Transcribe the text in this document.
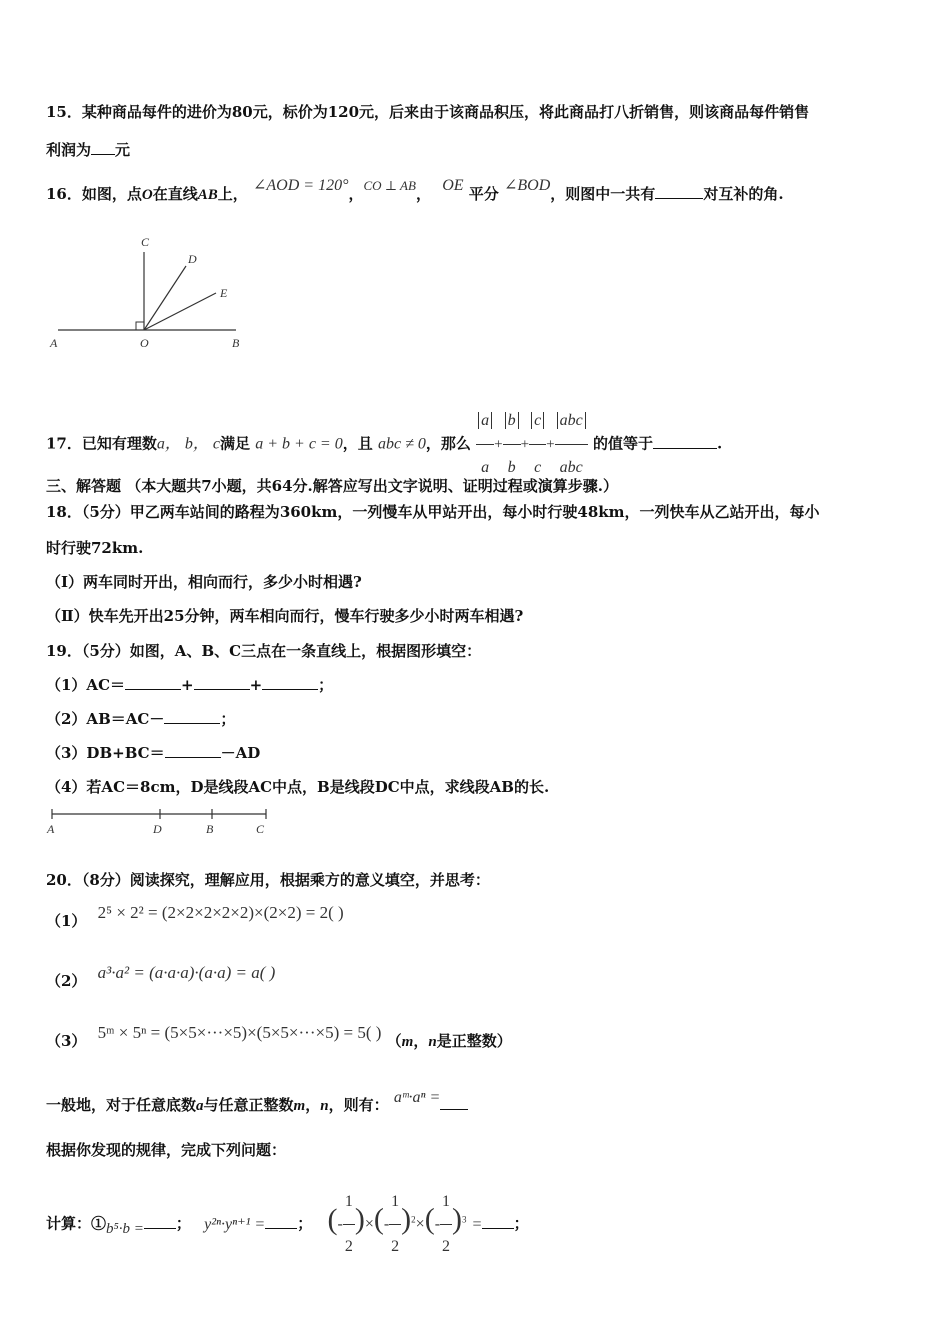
15．某种商品每件的进价为80元，标价为120元，后来由于该商品积压，将此商品打八折销售，则该商品每件销售
利润为 元
16．如图，点O在直线AB上， ∠AOD = 120°，CO ⊥ AB， OE 平分 ∠BOD，则图中一共有	对互补的角.
A	O	B
C
D
E
17．已知有理数a， b， c满足 a + b + c = 0，且 abc ≠ 0，那么 $\frac{a}{a} + \frac{b}{b} + \frac{c}{c} + \frac{\text{abc}}{\text{abc}}$ 的值等于	.
三、解答题 （本大题共7小题，共64分.解答应写出文字说明、证明过程或演算步骤.）
18．（5分）甲乙两车站间的路程为360km，一列慢车从甲站开出，每小时行驶48km，一列快车从乙站开出，每小
时行驶72km.
（Ⅰ）两车同时开出，相向而行，多少小时相遇?
（Ⅱ）快车先开出25分钟，两车相向而行，慢车行驶多少小时两车相遇?
19．（5分）如图，A、B、C三点在一条直线上，根据图形填空：
（1）AC＝	+	+	；
（2）AB＝AC－	；
（3）DB+BC＝	－AD
（4）若AC＝8cm，D是线段AC中点，B是线段DC中点，求线段AB的长.
A	D	B	C
20．（8分）阅读探究，理解应用，根据乘方的意义填空，并思考：
（1） 2⁵ × 2² = (2×2×2×2×2)×(2×2) = 2( )
（2） a³·a² = (a·a·a)·(a·a) = a( )
（3） 5ᵐ × 5ⁿ = (5×5×···×5)×(5×5×···×5) = 5( ) （m，n是正整数）
一般地，对于任意底数a与任意正整数m，n，则有： aᵐ·aⁿ =
根据你发现的规律，完成下列问题：
计算：①b⁵·b = ； y²ⁿ·yⁿ⁺¹ = ； (- $\frac{1}{2}$ )×(- $\frac{1}{2} )^2\times(- \frac{1}{2} )^3$ = ；
